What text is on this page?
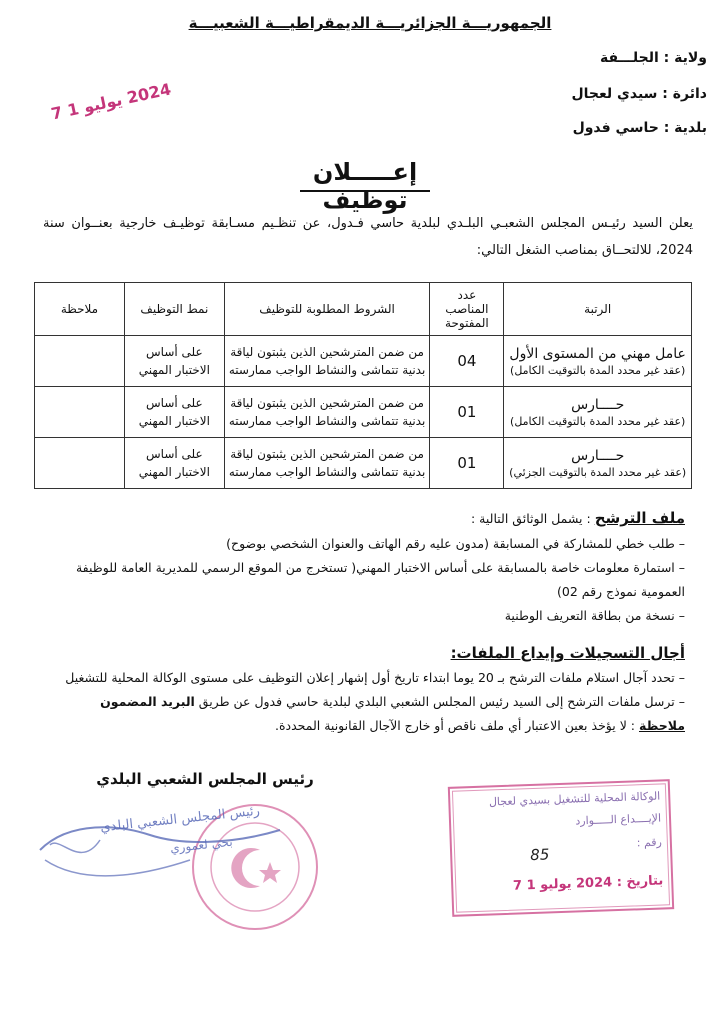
الجمهوريـــة الجزائريـــة الديمقراطيـــة الشعبيـــة
ولاية : الجلـــفة
دائرة : سيدي لعجال
بلدية : حاسي فدول
2024 يوليو 1 7
إعـــــلان توظيف
يعلن السيد رئيـس المجلس الشعبـي البلـدي لبلدية حاسي فـدول، عن تنظـيم مسـابقة توظيـف خارجية بعنــوان سنة 2024، للالتحــاق بمناصب الشغل التالي:
الرتبة	عدد المناصب المفتوحة	الشروط المطلوبة للتوظيف	نمط التوظيف	ملاحظة

عامل مهني من المستوى الأول
(عقد غير محدد المدة بالتوقيت الكامل)	04	من ضمن المترشحين الذين يثبتون لياقة بدنية تتماشى والنشاط الواجب ممارسته	على أساس الاختبار المهني	

حــــارس
(عقد غير محدد المدة بالتوقيت الكامل)	01	من ضمن المترشحين الذين يثبتون لياقة بدنية تتماشى والنشاط الواجب ممارسته	على أساس الاختبار المهني	

حــــارس
(عقد غير محدد المدة بالتوقيت الجزئي)	01	من ضمن المترشحين الذين يثبتون لياقة بدنية تتماشى والنشاط الواجب ممارسته	على أساس الاختبار المهني	
ملف الترشح : يشمل الوثائق التالية :
– طلب خطي للمشاركة في المسابقة (مدون عليه رقم الهاتف والعنوان الشخصي بوضوح)
– استمارة معلومات خاصة بالمسابقة على أساس الاختبار المهني( تستخرج من الموقع الرسمي للمديرية العامة للوظيفة العمومية نموذج رقم 02)
– نسخة من بطاقة التعريف الوطنية
أجال التسجيلات وإيداع الملفات:
– تحدد آجال استلام ملفات الترشح بـ 20 يوما ابتداء تاريخ أول إشهار إعلان التوظيف على مستوى الوكالة المحلية للتشغيل
– ترسل ملفات الترشح إلى السيد رئيس المجلس الشعبي البلدي لبلدية حاسي فدول عن طريق البريد المضمون
ملاحظة : لا يؤخذ بعين الاعتبار أي ملف ناقص أو خارج الآجال القانونية المحددة.
رئيس المجلس الشعبي البلدي
رئيس المجلس الشعبي البلدي
بحي لعموري
الوكالة المحلية للتشغيل بسيدي لعجال
الإيــــداع الـــــوارد
رقم :
85
بتاريخ : 2024 يوليو 1 7
